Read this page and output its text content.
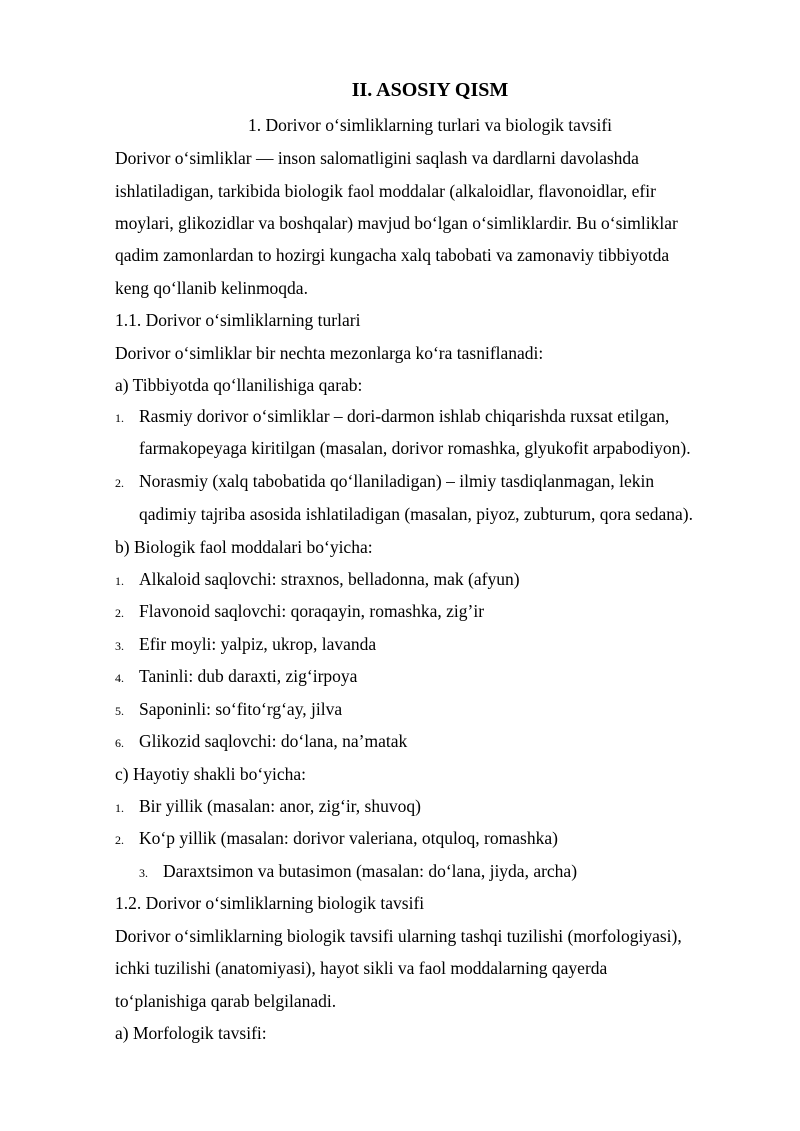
II. ASOSIY QISM
1. Dorivor o‘simliklarning turlari va biologik tavsifi
Dorivor o‘simliklar — inson salomatligini saqlash va dardlarni davolashda
ishlatiladigan, tarkibida biologik faol moddalar (alkaloidlar, flavonoidlar, efir
moylari, glikozidlar va boshqalar) mavjud bo‘lgan o‘simliklardir. Bu o‘simliklar
qadim zamonlardan to hozirgi kungacha xalq tabobati va zamonaviy tibbiyotda
keng qo‘llanib kelinmoqda.
1.1. Dorivor o‘simliklarning turlari
Dorivor o‘simliklar bir nechta mezonlarga ko‘ra tasniflanadi:
a) Tibbiyotda qo‘llanilishiga qarab:
1. Rasmiy dorivor o‘simliklar – dori-darmon ishlab chiqarishda ruxsat etilgan,
farmakopeyaga kiritilgan (masalan, dorivor romashka, glyukofit arpabodiyon).
2. Norasmiy (xalq tabobatida qo‘llaniladigan) – ilmiy tasdiqlanmagan, lekin
qadimiy tajriba asosida ishlatiladigan (masalan, piyoz, zubturum, qora sedana).
b) Biologik faol moddalari bo‘yicha:
1. Alkaloid saqlovchi: straxnos, belladonna, mak (afyun)
2. Flavonoid saqlovchi: qoraqayin, romashka, zig’ir
3. Efir moyli: yalpiz, ukrop, lavanda
4. Taninli: dub daraxti, zig‘irpoya
5. Saponinli: so‘fito‘rg‘ay, jilva
6. Glikozid saqlovchi: do‘lana, na’matak
c) Hayotiy shakli bo‘yicha:
1. Bir yillik (masalan: anor, zig‘ir, shuvoq)
2. Ko‘p yillik (masalan: dorivor valeriana, otquloq, romashka)
3. Daraxtsimon va butasimon (masalan: do‘lana, jiyda, archa)
1.2. Dorivor o‘simliklarning biologik tavsifi
Dorivor o‘simliklarning biologik tavsifi ularning tashqi tuzilishi (morfologiyasi),
ichki tuzilishi (anatomiyasi), hayot sikli va faol moddalarning qayerda
to‘planishiga qarab belgilanadi.
a) Morfologik tavsifi:
